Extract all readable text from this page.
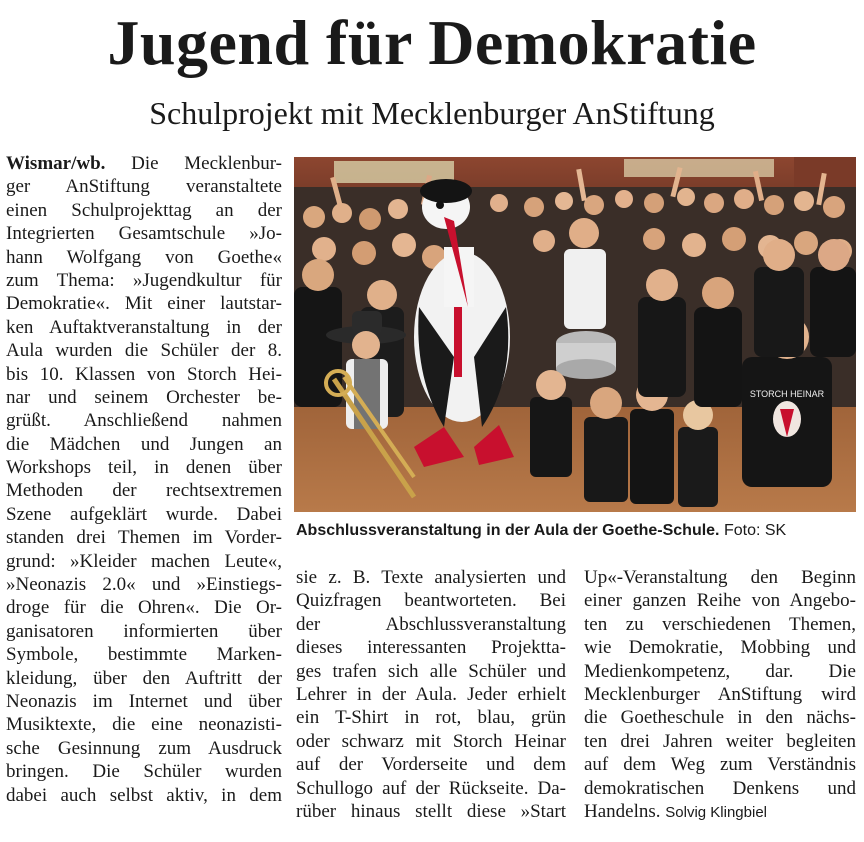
Jugend für Demokratie
Schulprojekt mit Mecklenburger AnStiftung
Wismar/wb. Die Mecklenbur-
ger AnStiftung veranstaltete
einen Schulprojekttag an der
Integrierten Gesamtschule »Jo-
hann Wolfgang von Goethe«
zum Thema: »Jugendkultur für
Demokratie«. Mit einer lautstar-
ken Auftaktveranstaltung in der
Aula wurden die Schüler der 8.
bis 10. Klassen von Storch Hei-
nar und seinem Orchester be-
grüßt. Anschließend nahmen
die Mädchen und Jungen an
Workshops teil, in denen über
Methoden der rechtsextremen
Szene aufgeklärt wurde. Dabei
standen drei Themen im Vorder-
grund: »Kleider machen Leute«,
»Neonazis 2.0« und »Einstiegs-
droge für die Ohren«. Die Or-
ganisatoren informierten über
Symbole, bestimmte Marken-
kleidung, über den Auftritt der
Neonazis im Internet und über
Musiktexte, die eine neonazisti-
sche Gesinnung zum Ausdruck
bringen. Die Schüler wurden
dabei auch selbst aktiv, in dem
STORCH HEINAR

Abschlussveranstaltung in der Aula der Goethe-Schule. Foto: SK

sie z. B. Texte analysierten und
Quizfragen beantworteten. Bei
der Abschlussveranstaltung
dieses interessanten Projektta-
ges trafen sich alle Schüler und
Lehrer in der Aula. Jeder erhielt
ein T-Shirt in rot, blau, grün
oder schwarz mit Storch Heinar
auf der Vorderseite und dem
Schullogo auf der Rückseite. Da-
rüber hinaus stellt diese »Start
Up«-Veranstaltung den Beginn
einer ganzen Reihe von Angebo-
ten zu verschiedenen Themen,
wie Demokratie, Mobbing und
Medienkompetenz, dar. Die
Mecklenburger AnStiftung wird
die Goetheschule in den nächs-
ten drei Jahren weiter begleiten
auf dem Weg zum Verständnis
demokratischen Denkens und
Handelns. Solvig Klingbiel
